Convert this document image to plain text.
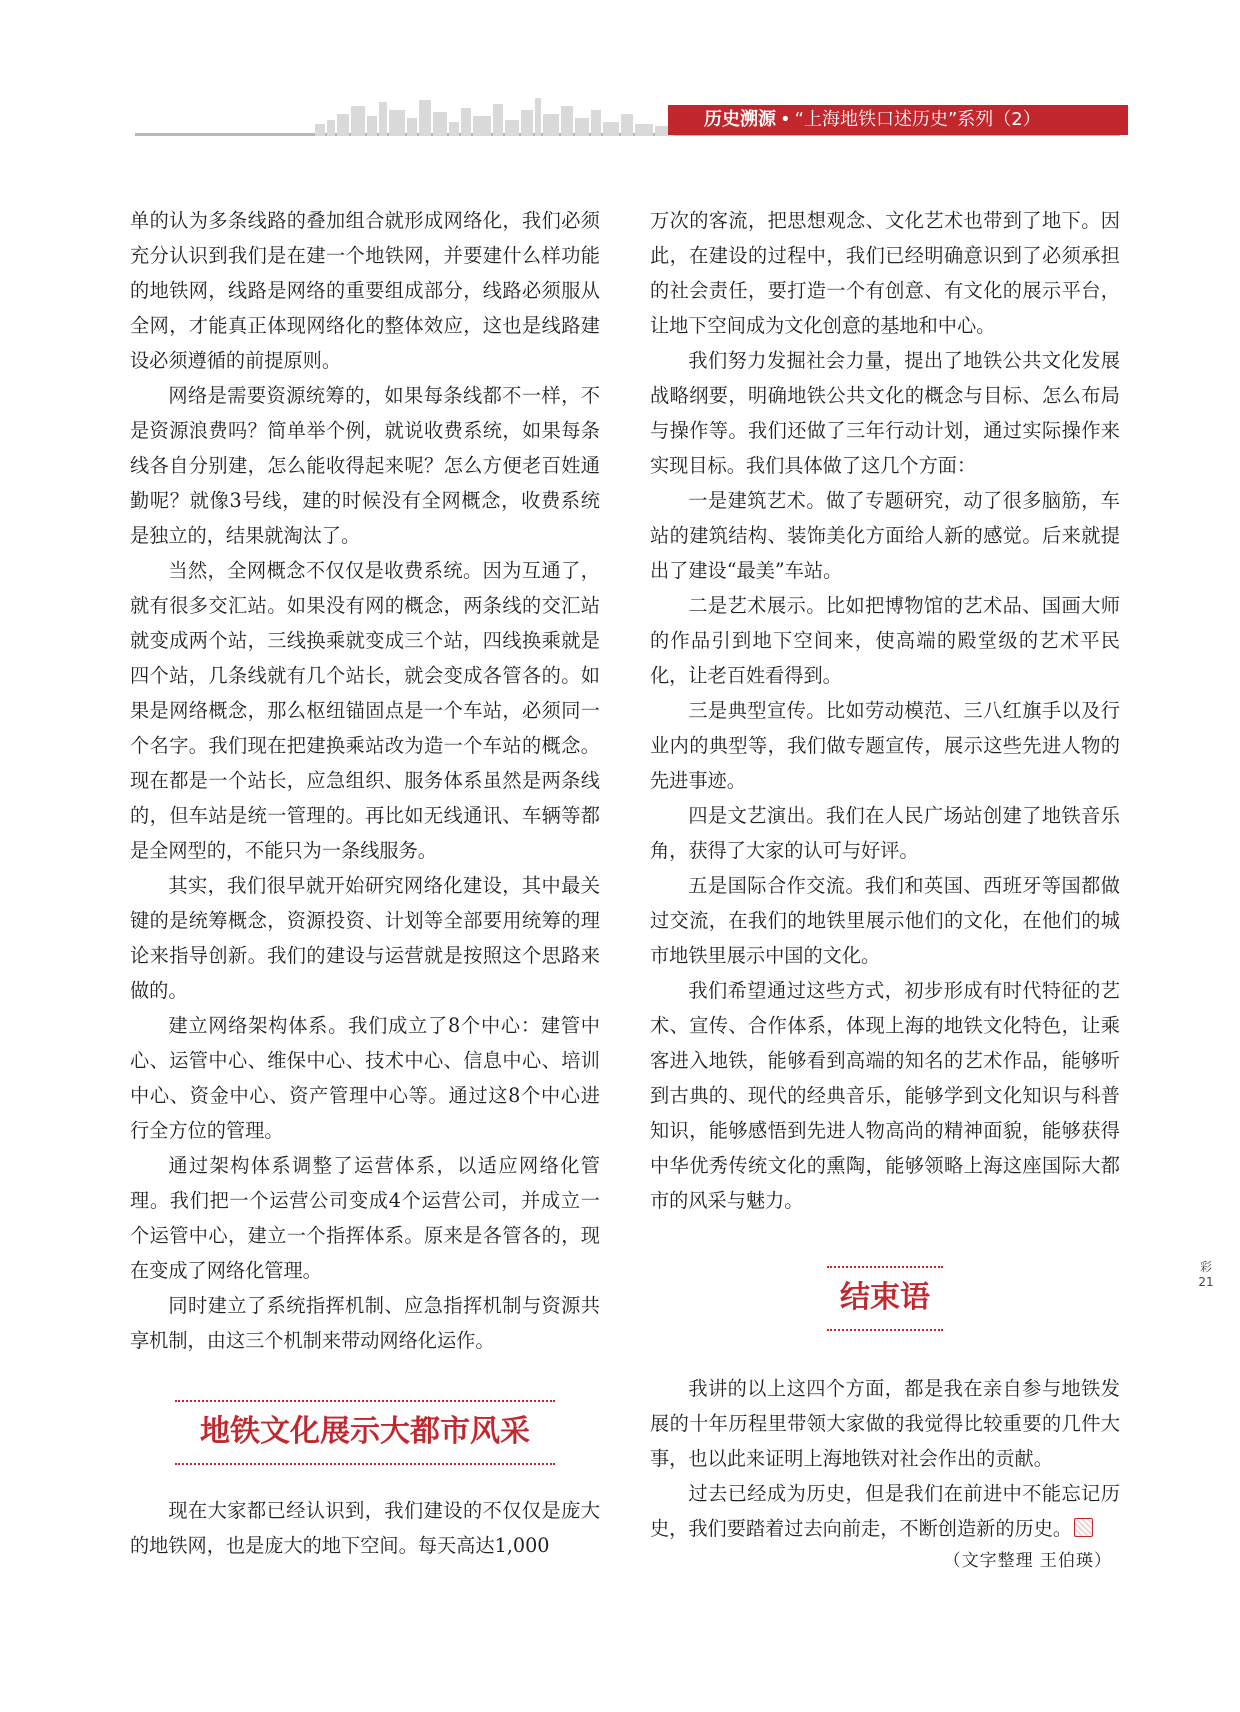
历史溯源 • “上海地铁口述历史”系列（2）

单的认为多条线路的叠加组合就形成网络化，我们必须充分认识到我们是在建一个地铁网，并要建什么样功能的地铁网，线路是网络的重要组成部分，线路必须服从全网，才能真正体现网络化的整体效应，这也是线路建设必须遵循的前提原则。

网络是需要资源统筹的，如果每条线都不一样，不是资源浪费吗？简单举个例，就说收费系统，如果每条线各自分别建，怎么能收得起来呢？怎么方便老百姓通勤呢？就像3号线，建的时候没有全网概念，收费系统是独立的，结果就淘汰了。

当然，全网概念不仅仅是收费系统。因为互通了，就有很多交汇站。如果没有网的概念，两条线的交汇站就变成两个站，三线换乘就变成三个站，四线换乘就是四个站，几条线就有几个站长，就会变成各管各的。如果是网络概念，那么枢纽锚固点是一个车站，必须同一个名字。我们现在把建换乘站改为造一个车站的概念。现在都是一个站长，应急组织、服务体系虽然是两条线的，但车站是统一管理的。再比如无线通讯、车辆等都是全网型的，不能只为一条线服务。

其实，我们很早就开始研究网络化建设，其中最关键的是统筹概念，资源投资、计划等全部要用统筹的理论来指导创新。我们的建设与运营就是按照这个思路来做的。

建立网络架构体系。我们成立了8个中心：建管中心、运管中心、维保中心、技术中心、信息中心、培训中心、资金中心、资产管理中心等。通过这8个中心进行全方位的管理。

通过架构体系调整了运营体系，以适应网络化管理。我们把一个运营公司变成4个运营公司，并成立一个运管中心，建立一个指挥体系。原来是各管各的，现在变成了网络化管理。

同时建立了系统指挥机制、应急指挥机制与资源共享机制，由这三个机制来带动网络化运作。

地铁文化展示大都市风采

现在大家都已经认识到，我们建设的不仅仅是庞大的地铁网，也是庞大的地下空间。每天高达1,000

万次的客流，把思想观念、文化艺术也带到了地下。因此，在建设的过程中，我们已经明确意识到了必须承担的社会责任，要打造一个有创意、有文化的展示平台，让地下空间成为文化创意的基地和中心。

我们努力发掘社会力量，提出了地铁公共文化发展战略纲要，明确地铁公共文化的概念与目标、怎么布局与操作等。我们还做了三年行动计划，通过实际操作来实现目标。我们具体做了这几个方面：

一是建筑艺术。做了专题研究，动了很多脑筋，车站的建筑结构、装饰美化方面给人新的感觉。后来就提出了建设“最美”车站。

二是艺术展示。比如把博物馆的艺术品、国画大师的作品引到地下空间来，使高端的殿堂级的艺术平民化，让老百姓看得到。

三是典型宣传。比如劳动模范、三八红旗手以及行业内的典型等，我们做专题宣传，展示这些先进人物的先进事迹。

四是文艺演出。我们在人民广场站创建了地铁音乐角，获得了大家的认可与好评。

五是国际合作交流。我们和英国、西班牙等国都做过交流，在我们的地铁里展示他们的文化，在他们的城市地铁里展示中国的文化。

我们希望通过这些方式，初步形成有时代特征的艺术、宣传、合作体系，体现上海的地铁文化特色，让乘客进入地铁，能够看到高端的知名的艺术作品，能够听到古典的、现代的经典音乐，能够学到文化知识与科普知识，能够感悟到先进人物高尚的精神面貌，能够获得中华优秀传统文化的熏陶，能够领略上海这座国际大都市的风采与魅力。

结束语

我讲的以上这四个方面，都是我在亲自参与地铁发展的十年历程里带领大家做的我觉得比较重要的几件大事，也以此来证明上海地铁对社会作出的贡献。

过去已经成为历史，但是我们在前进中不能忘记历史，我们要踏着过去向前走，不断创造新的历史。

（文字整理 王伯瑛）
彩
21
